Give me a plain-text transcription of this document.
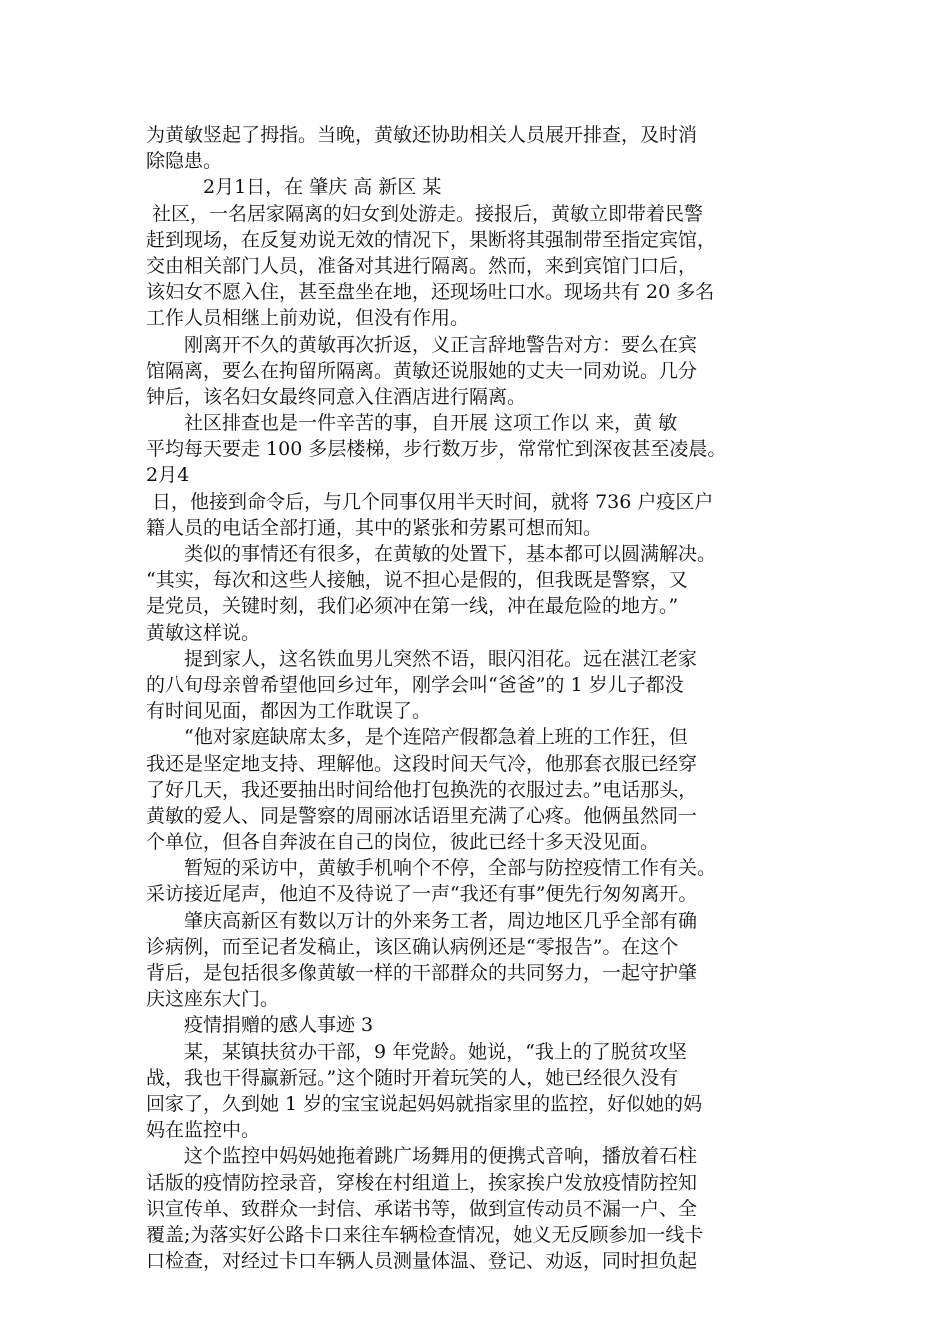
为黄敏竖起了拇指。当晚，黄敏还协助相关人员展开排查，及时消
除隐患。
　　　2月1日，在 肇庆 高 新区 某
社区，一名居家隔离的妇女到处游走。接报后，黄敏立即带着民警
赶到现场，在反复劝说无效的情况下，果断将其强制带至指定宾馆，
交由相关部门人员，准备对其进行隔离。然而，来到宾馆门口后，
该妇女不愿入住，甚至盘坐在地，还现场吐口水。现场共有 20 多名
工作人员相继上前劝说，但没有作用。
　　刚离开不久的黄敏再次折返，义正言辞地警告对方：要么在宾
馆隔离，要么在拘留所隔离。黄敏还说服她的丈夫一同劝说。几分
钟后，该名妇女最终同意入住酒店进行隔离。
　　社区排查也是一件辛苦的事，自开展 这项工作以 来，黄 敏
平均每天要走 100 多层楼梯，步行数万步，常常忙到深夜甚至凌晨。
2月4
日，他接到命令后，与几个同事仅用半天时间，就将 736 户疫区户
籍人员的电话全部打通，其中的紧张和劳累可想而知。
　　类似的事情还有很多，在黄敏的处置下，基本都可以圆满解决。
“其实，每次和这些人接触，说不担心是假的，但我既是警察，又
是党员，关键时刻，我们必须冲在第一线，冲在最危险的地方。”
黄敏这样说。
　　提到家人，这名铁血男儿突然不语，眼闪泪花。远在湛江老家
的八旬母亲曾希望他回乡过年，刚学会叫“爸爸”的 1 岁儿子都没
有时间见面，都因为工作耽误了。
　　“他对家庭缺席太多，是个连陪产假都急着上班的工作狂，但
我还是坚定地支持、理解他。这段时间天气冷，他那套衣服已经穿
了好几天，我还要抽出时间给他打包换洗的衣服过去。”电话那头，
黄敏的爱人、同是警察的周丽冰话语里充满了心疼。他俩虽然同一
个单位，但各自奔波在自己的岗位，彼此已经十多天没见面。
　　暂短的采访中，黄敏手机响个不停，全部与防控疫情工作有关。
采访接近尾声，他迫不及待说了一声“我还有事”便先行匆匆离开。
　　肇庆高新区有数以万计的外来务工者，周边地区几乎全部有确
诊病例，而至记者发稿止，该区确认病例还是“零报告”。在这个
背后，是包括很多像黄敏一样的干部群众的共同努力，一起守护肇
庆这座东大门。
　　疫情捐赠的感人事迹 3
　　某，某镇扶贫办干部，9 年党龄。她说，“我上的了脱贫攻坚
战，我也干得赢新冠。”这个随时开着玩笑的人，她已经很久没有
回家了，久到她 1 岁的宝宝说起妈妈就指家里的监控，好似她的妈
妈在监控中。
　　这个监控中妈妈她拖着跳广场舞用的便携式音响，播放着石柱
话版的疫情防控录音，穿梭在村组道上，挨家挨户发放疫情防控知
识宣传单、致群众一封信、承诺书等，做到宣传动员不漏一户、全
覆盖;为落实好公路卡口来往车辆检查情况，她义无反顾参加一线卡
口检查，对经过卡口车辆人员测量体温、登记、劝返，同时担负起
